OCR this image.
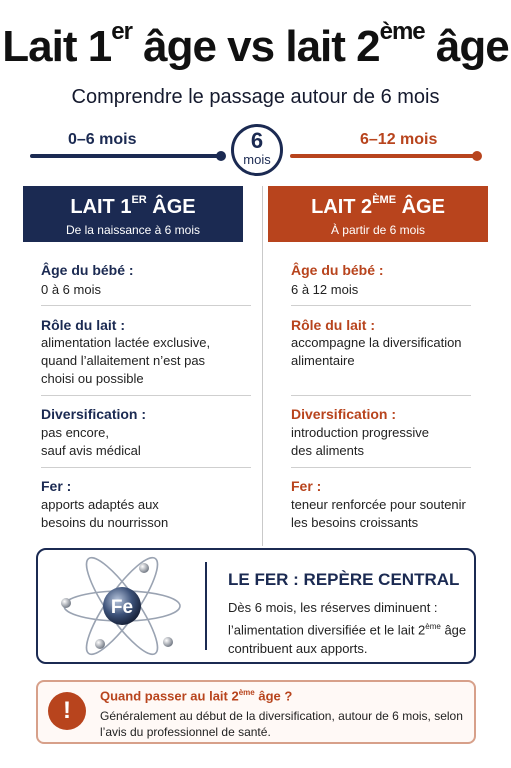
Lait 1er âge vs lait 2ème âge
Comprendre le passage autour de 6 mois
0–6 mois	6–12 mois
6
mois
LAIT 1ER ÂGE
De la naissance à 6 mois
LAIT 2ÈME ÂGE
À partir de 6 mois
Âge du bébé :
0 à 6 mois
Rôle du lait :
alimentation lactée exclusive,
quand l’allaitement n’est pas
choisi ou possible
Diversification :
pas encore,
sauf avis médical
Fer :
apports adaptés aux
besoins du nourrisson
Âge du bébé :
6 à 12 mois
Rôle du lait :
accompagne la diversification
alimentaire
Diversification :
introduction progressive
des aliments
Fer :
teneur renforcée pour soutenir
les besoins croissants
Fe
LE FER : REPÈRE CENTRAL
Dès 6 mois, les réserves diminuent : l’alimentation diversifiée et le lait 2ème âge contribuent aux apports.
!
Quand passer au lait 2ème âge ?
Généralement au début de la diversification, autour de 6 mois, selon l’avis du professionnel de santé.
